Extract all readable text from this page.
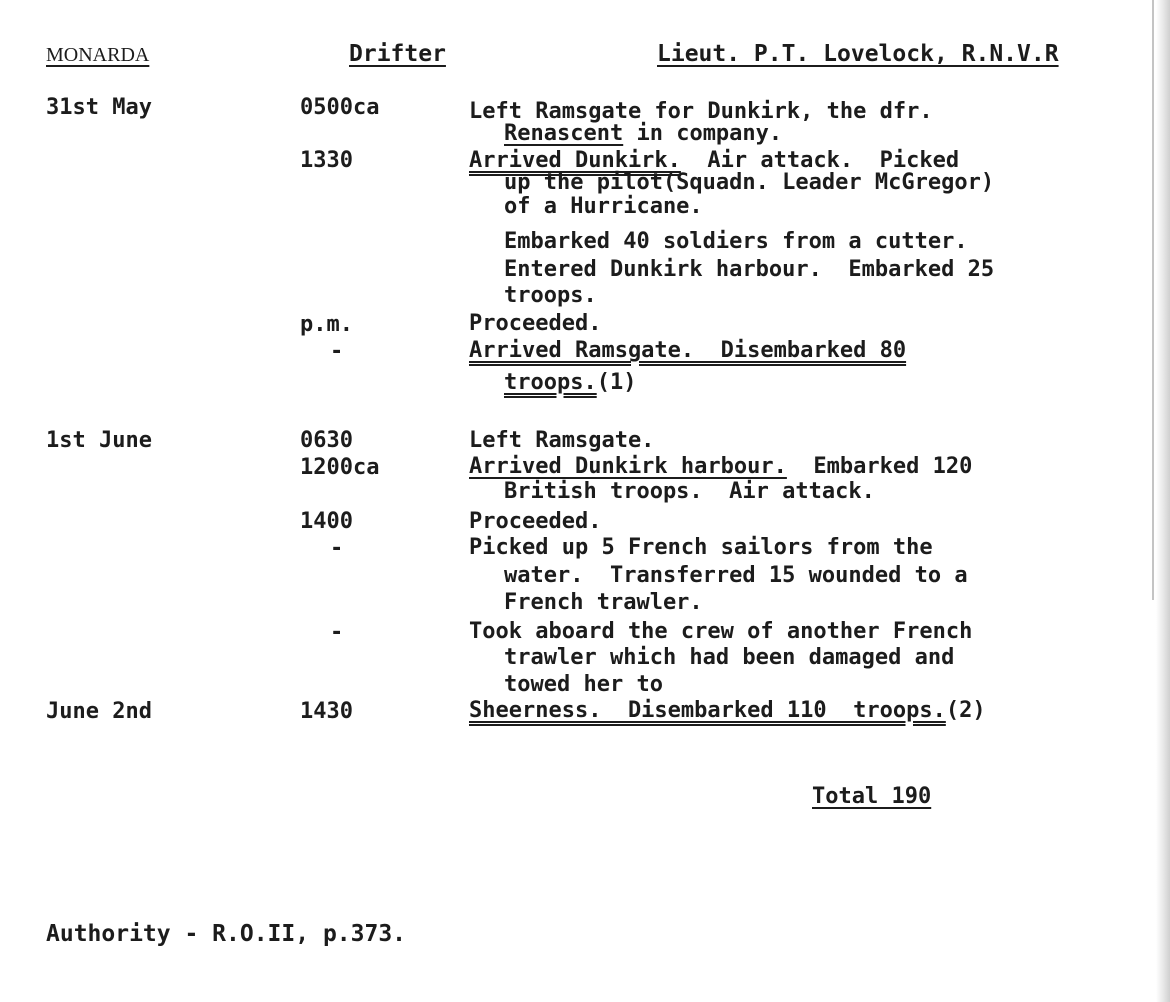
MONARDA	Drifter	Lieut. P.T. Lovelock, R.N.V.R
31st May	0500ca	Left Ramsgate for Dunkirk, the dfr.
Renascent in company.
1330	Arrived Dunkirk.  Air attack.  Picked
up the pilot(Squadn. Leader McGregor)
of a Hurricane.
Embarked 40 soldiers from a cutter.
Entered Dunkirk harbour.  Embarked 25
troops.
p.m.	Proceeded.
-	Arrived Ramsgate.  Disembarked 80
troops.(1)
1st June	0630	Left Ramsgate.
1200ca	Arrived Dunkirk harbour.  Embarked 120
British troops.  Air attack.
1400	Proceeded.
-	Picked up 5 French sailors from the
water.  Transferred 15 wounded to a
French trawler.
-	Took aboard the crew of another French
trawler which had been damaged and
towed her to
June 2nd	1430	Sheerness.  Disembarked 110  troops.(2)
Total 190
Authority - R.O.II, p.373.
